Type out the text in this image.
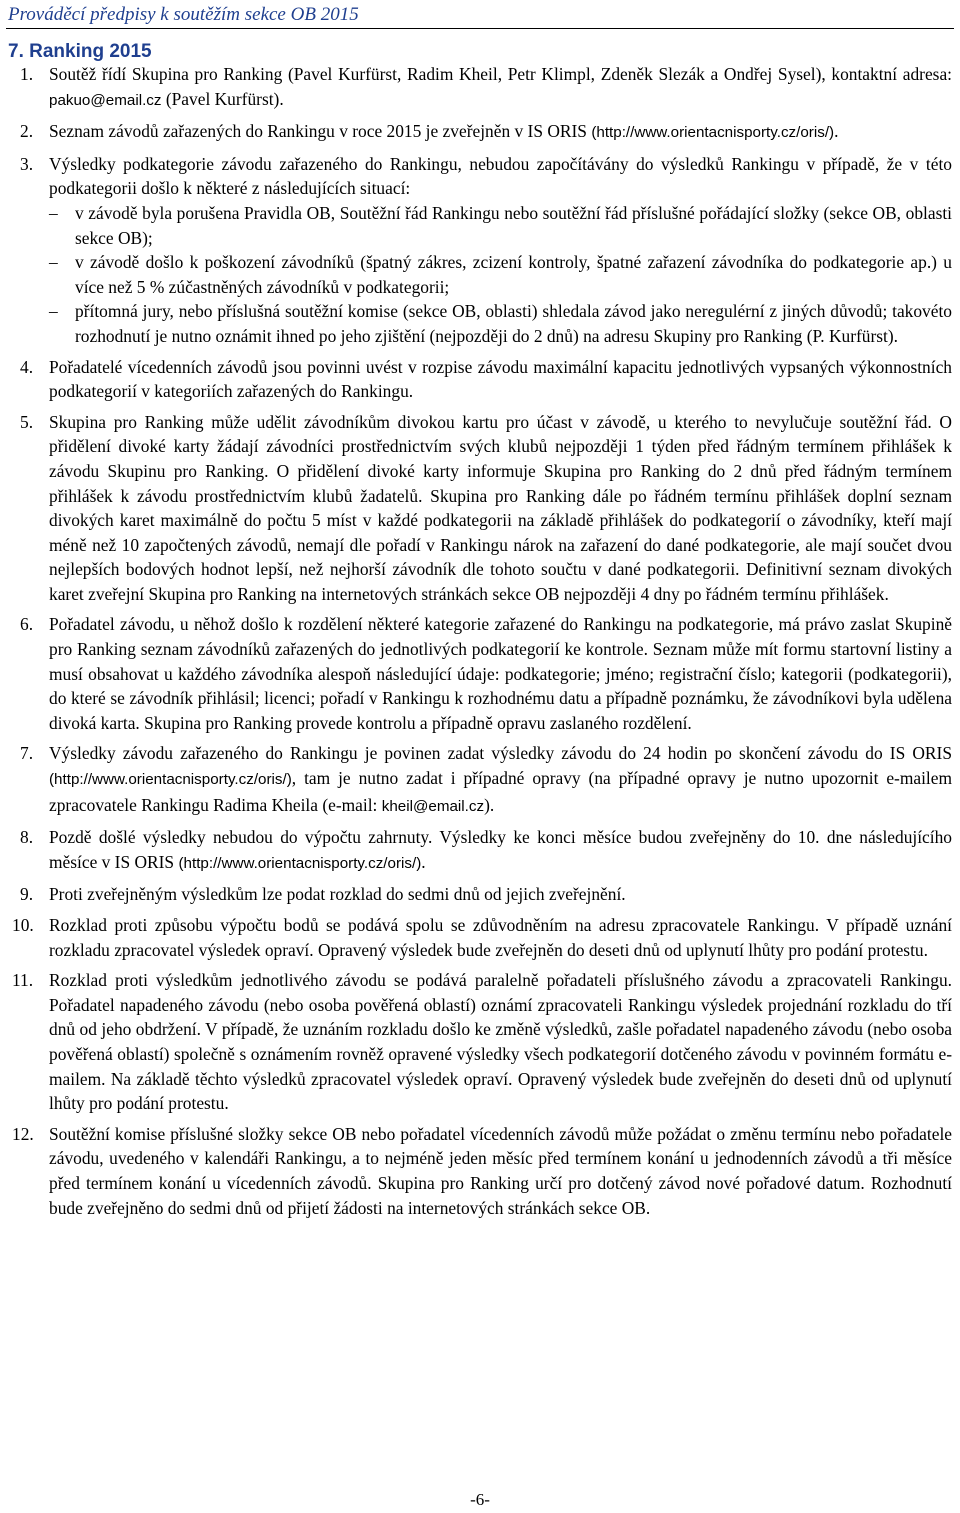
Prováděcí předpisy k soutěžím sekce OB 2015
7. Ranking 2015
1. Soutěž řídí Skupina pro Ranking (Pavel Kurfürst, Radim Kheil, Petr Klimpl, Zdeněk Slezák a Ondřej Sysel), kontaktní adresa: pakuo@email.cz (Pavel Kurfürst).
2. Seznam závodů zařazených do Rankingu v roce 2015 je zveřejněn v IS ORIS (http://www.orientacnisporty.cz/oris/).
3. Výsledky podkategorie závodu zařazeného do Rankingu, nebudou započítávány do výsledků Rankingu v případě, že v této podkategorii došlo k některé z následujících situací:
– v závodě byla porušena Pravidla OB, Soutěžní řád Rankingu nebo soutěžní řád příslušné pořádající složky (sekce OB, oblasti sekce OB);
– v závodě došlo k poškození závodníků (špatný zákres, zcizení kontroly, špatné zařazení závodníka do podkategorie ap.) u více než 5 % zúčastněných závodníků v podkategorii;
– přítomná jury, nebo příslušná soutěžní komise (sekce OB, oblasti) shledala závod jako neregulérní z jiných důvodů; takovéto rozhodnutí je nutno oznámit ihned po jeho zjištění (nejpozději do 2 dnů) na adresu Skupiny pro Ranking (P. Kurfürst).
4. Pořadatelé vícedenních závodů jsou povinni uvést v rozpise závodu maximální kapacitu jednotlivých vypsaných výkonnostních podkategorií v kategoriích zařazených do Rankingu.
5. Skupina pro Ranking může udělit závodníkům divokou kartu pro účast v závodě, u kterého to nevylučuje soutěžní řád. O přidělení divoké karty žádají závodníci prostřednictvím svých klubů nejpozději 1 týden před řádným termínem přihlášek k závodu Skupinu pro Ranking. O přidělení divoké karty informuje Skupina pro Ranking do 2 dnů před řádným termínem přihlášek k závodu prostřednictvím klubů žadatelů. Skupina pro Ranking dále po řádném termínu přihlášek doplní seznam divokých karet maximálně do počtu 5 míst v každé podkategorii na základě přihlášek do podkategorií o závodníky, kteří mají méně než 10 započtených závodů, nemají dle pořadí v Rankingu nárok na zařazení do dané podkategorie, ale mají součet dvou nejlepších bodových hodnot lepší, než nejhorší závodník dle tohoto součtu v dané podkategorii. Definitivní seznam divokých karet zveřejní Skupina pro Ranking na internetových stránkách sekce OB nejpozději 4 dny po řádném termínu přihlášek.
6. Pořadatel závodu, u něhož došlo k rozdělení některé kategorie zařazené do Rankingu na podkategorie, má právo zaslat Skupině pro Ranking seznam závodníků zařazených do jednotlivých podkategorií ke kontrole. Seznam může mít formu startovní listiny a musí obsahovat u každého závodníka alespoň následující údaje: podkategorie; jméno; registrační číslo; kategorii (podkategorii), do které se závodník přihlásil; licenci; pořadí v Rankingu k rozhodnému datu a případně poznámku, že závodníkovi byla udělena divoká karta. Skupina pro Ranking provede kontrolu a případně opravu zaslaného rozdělení.
7. Výsledky závodu zařazeného do Rankingu je povinen zadat výsledky závodu do 24 hodin po skončení závodu do IS ORIS (http://www.orientacnisporty.cz/oris/), tam je nutno zadat i případné opravy (na případné opravy je nutno upozornit e-mailem zpracovatele Rankingu Radima Kheila (e-mail: kheil@email.cz).
8. Pozdě došlé výsledky nebudou do výpočtu zahrnuty. Výsledky ke konci měsíce budou zveřejněny do 10. dne následujícího měsíce v IS ORIS (http://www.orientacnisporty.cz/oris/).
9. Proti zveřejněným výsledkům lze podat rozklad do sedmi dnů od jejich zveřejnění.
10. Rozklad proti způsobu výpočtu bodů se podává spolu se zdůvodněním na adresu zpracovatele Rankingu. V případě uznání rozkladu zpracovatel výsledek opraví. Opravený výsledek bude zveřejněn do deseti dnů od uplynutí lhůty pro podání protestu.
11. Rozklad proti výsledkům jednotlivého závodu se podává paralelně pořadateli příslušného závodu a zpracovateli Rankingu. Pořadatel napadeného závodu (nebo osoba pověřená oblastí) oznámí zpracovateli Rankingu výsledek projednání rozkladu do tří dnů od jeho obdržení. V případě, že uznáním rozkladu došlo ke změně výsledků, zašle pořadatel napadeného závodu (nebo osoba pověřená oblastí) společně s oznámením rovněž opravené výsledky všech podkategorií dotčeného závodu v povinném formátu e-mailem. Na základě těchto výsledků zpracovatel výsledek opraví. Opravený výsledek bude zveřejněn do deseti dnů od uplynutí lhůty pro podání protestu.
12. Soutěžní komise příslušné složky sekce OB nebo pořadatel vícedenních závodů může požádat o změnu termínu nebo pořadatele závodu, uvedeného v kalendáři Rankingu, a to nejméně jeden měsíc před termínem konání u jednodenních závodů a tři měsíce před termínem konání u vícedenních závodů. Skupina pro Ranking určí pro dotčený závod nové pořadové datum. Rozhodnutí bude zveřejněno do sedmi dnů od přijetí žádosti na internetových stránkách sekce OB.
-6-
